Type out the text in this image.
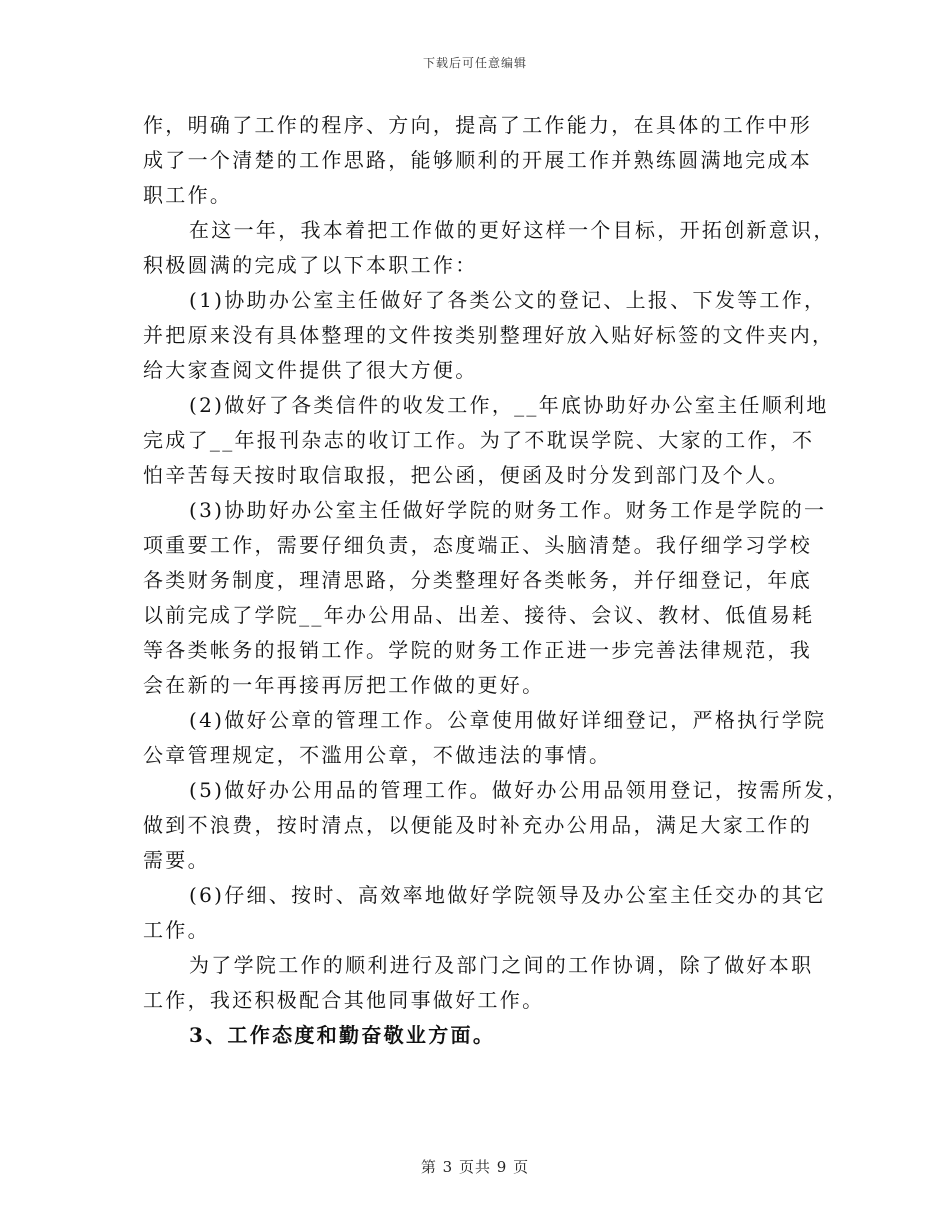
下载后可任意编辑

作，明确了工作的程序、方向，提高了工作能力，在具体的工作中形
成了一个清楚的工作思路，能够顺利的开展工作并熟练圆满地完成本
职工作。
在这一年，我本着把工作做的更好这样一个目标，开拓创新意识，
积极圆满的完成了以下本职工作：
(1)协助办公室主任做好了各类公文的登记、上报、下发等工作，
并把原来没有具体整理的文件按类别整理好放入贴好标签的文件夹内，
给大家查阅文件提供了很大方便。
(2)做好了各类信件的收发工作，__年底协助好办公室主任顺利地
完成了__年报刊杂志的收订工作。为了不耽误学院、大家的工作，不
怕辛苦每天按时取信取报，把公函，便函及时分发到部门及个人。
(3)协助好办公室主任做好学院的财务工作。财务工作是学院的一
项重要工作，需要仔细负责，态度端正、头脑清楚。我仔细学习学校
各类财务制度，理清思路，分类整理好各类帐务，并仔细登记，年底
以前完成了学院__年办公用品、出差、接待、会议、教材、低值易耗
等各类帐务的报销工作。学院的财务工作正进一步完善法律规范，我
会在新的一年再接再厉把工作做的更好。
(4)做好公章的管理工作。公章使用做好详细登记，严格执行学院
公章管理规定，不滥用公章，不做违法的事情。
(5)做好办公用品的管理工作。做好办公用品领用登记，按需所发，
做到不浪费，按时清点，以便能及时补充办公用品，满足大家工作的
需要。
(6)仔细、按时、高效率地做好学院领导及办公室主任交办的其它
工作。
为了学院工作的顺利进行及部门之间的工作协调，除了做好本职
工作，我还积极配合其他同事做好工作。
3、工作态度和勤奋敬业方面。

第 3 页共 9 页
